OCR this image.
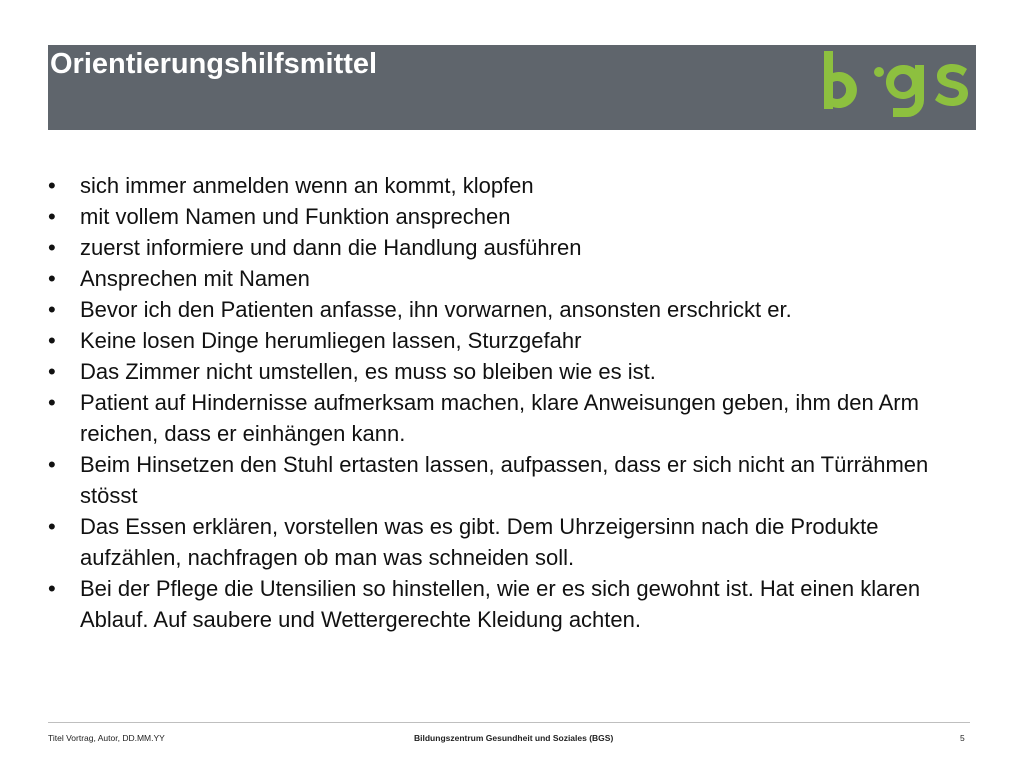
Orientierungshilfsmittel
•	sich immer anmelden wenn an kommt, klopfen
•	mit vollem Namen und Funktion ansprechen
•	zuerst informiere und dann die Handlung ausführen
•	Ansprechen mit Namen
•	Bevor ich den Patienten anfasse, ihn vorwarnen, ansonsten erschrickt er.
•	Keine losen Dinge herumliegen lassen, Sturzgefahr
•	Das Zimmer nicht umstellen, es muss so bleiben wie es ist.
•	Patient auf Hindernisse aufmerksam machen, klare Anweisungen geben, ihm den Arm reichen, dass er einhängen kann.
•	Beim Hinsetzen den Stuhl ertasten lassen, aufpassen, dass er sich nicht an Türrähmen stösst
•	Das Essen erklären, vorstellen was es gibt. Dem Uhrzeigersinn nach die Produkte aufzählen, nachfragen ob man was schneiden soll.
•	Bei der Pflege die Utensilien so hinstellen, wie er es sich gewohnt ist. Hat einen klaren Ablauf. Auf saubere und Wettergerechte Kleidung achten.
Titel Vortrag, Autor, DD.MM.YY	Bildungszentrum Gesundheit und Soziales (BGS)	5
